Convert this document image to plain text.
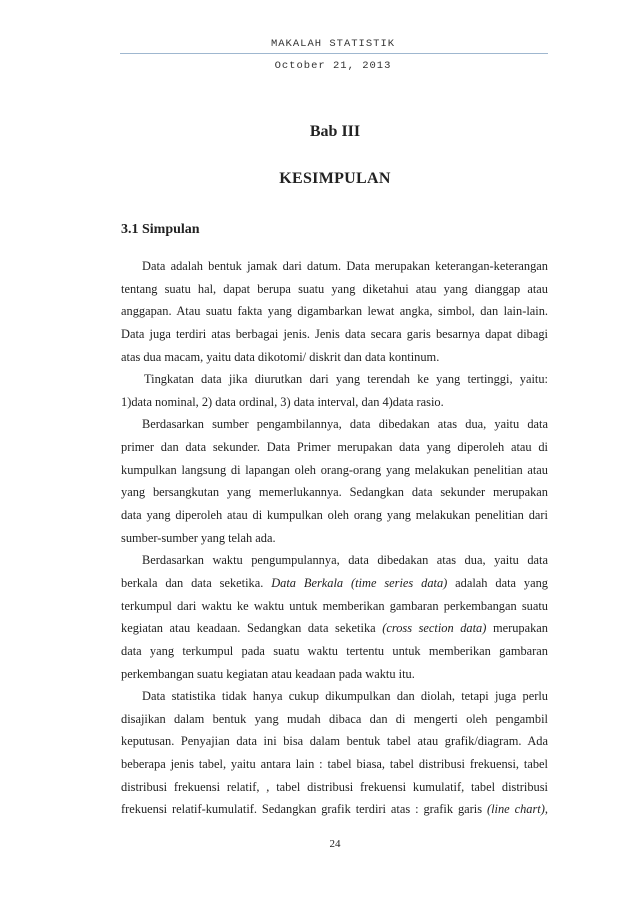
MAKALAH STATISTIK
October 21, 2013
Bab III
KESIMPULAN
3.1 Simpulan
Data adalah bentuk jamak dari datum. Data merupakan keterangan-keterangan
tentang suatu hal, dapat berupa suatu yang diketahui atau yang dianggap atau
anggapan. Atau suatu fakta yang digambarkan lewat angka, simbol, dan lain-lain.
Data juga terdiri atas berbagai jenis. Jenis data secara garis besarnya dapat dibagi
atas dua macam, yaitu data dikotomi/ diskrit dan data kontinum.
Tingkatan data jika diurutkan dari yang terendah ke yang tertinggi, yaitu:
1)data nominal, 2) data ordinal, 3) data interval, dan 4)data rasio.
Berdasarkan sumber pengambilannya, data dibedakan atas dua, yaitu data
primer dan data sekunder. Data Primer merupakan data yang diperoleh atau di
kumpulkan langsung di lapangan oleh orang-orang yang melakukan penelitian atau
yang bersangkutan yang memerlukannya. Sedangkan data sekunder merupakan
data yang diperoleh atau di kumpulkan oleh orang yang melakukan penelitian dari
sumber-sumber yang telah ada.
Berdasarkan waktu pengumpulannya, data dibedakan atas dua, yaitu data
berkala dan data seketika. Data Berkala (time series data) adalah data yang
terkumpul dari waktu ke waktu untuk memberikan gambaran perkembangan suatu
kegiatan atau keadaan. Sedangkan data seketika (cross section data) merupakan
data yang terkumpul pada suatu waktu tertentu untuk memberikan gambaran
perkembangan suatu kegiatan atau keadaan pada waktu itu.
Data statistika tidak hanya cukup dikumpulkan dan diolah, tetapi juga perlu
disajikan dalam bentuk yang mudah dibaca dan di mengerti oleh pengambil
keputusan. Penyajian data ini bisa dalam bentuk tabel atau grafik/diagram. Ada
beberapa jenis tabel, yaitu antara lain : tabel biasa, tabel distribusi frekuensi, tabel
distribusi frekuensi relatif, , tabel distribusi frekuensi kumulatif, tabel distribusi
frekuensi relatif-kumulatif. Sedangkan grafik terdiri atas : grafik garis (line chart),
24
